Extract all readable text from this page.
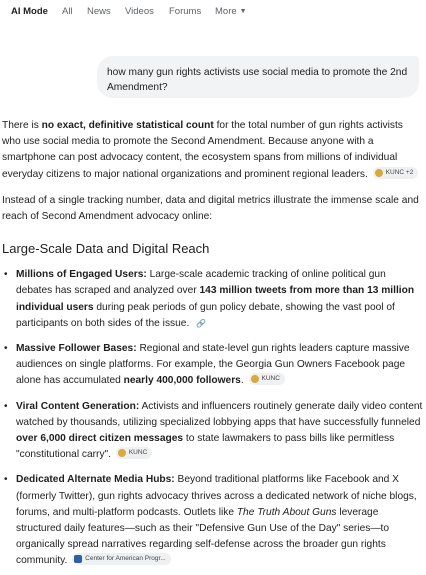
AI Mode All News Videos Forums More ▼
how many gun rights activists use social media to promote the 2nd Amendment?

There is no exact, definitive statistical count for the total number of gun rights activists who use social media to promote the Second Amendment. Because anyone with a smartphone can post advocacy content, the ecosystem spans from millions of individual everyday citizens to major national organizations and prominent regional leaders.	KUNC +2

Instead of a single tracking number, data and digital metrics illustrate the immense scale and reach of Second Amendment advocacy online:

Large-Scale Data and Digital Reach
• Millions of Engaged Users: Large-scale academic tracking of online political gun debates has scraped and analyzed over 143 million tweets from more than 13 million individual users during peak periods of gun policy debate, showing the vast pool of participants on both sides of the issue. 🔗
• Massive Follower Bases: Regional and state-level gun rights leaders capture massive audiences on single platforms. For example, the Georgia Gun Owners Facebook page alone has accumulated nearly 400,000 followers.	KUNC
• Viral Content Generation: Activists and influencers routinely generate daily video content watched by thousands, utilizing specialized lobbying apps that have successfully funneled over 6,000 direct citizen messages to state lawmakers to pass bills like permitless "constitutional carry".	KUNC
• Dedicated Alternate Media Hubs: Beyond traditional platforms like Facebook and X (formerly Twitter), gun rights advocacy thrives across a dedicated network of niche blogs, forums, and multi-platform podcasts. Outlets like The Truth About Guns leverage structured daily features—such as their "Defensive Gun Use of the Day" series—to organically spread narratives regarding self-defense across the broader gun rights community.	Center for American Progr...
